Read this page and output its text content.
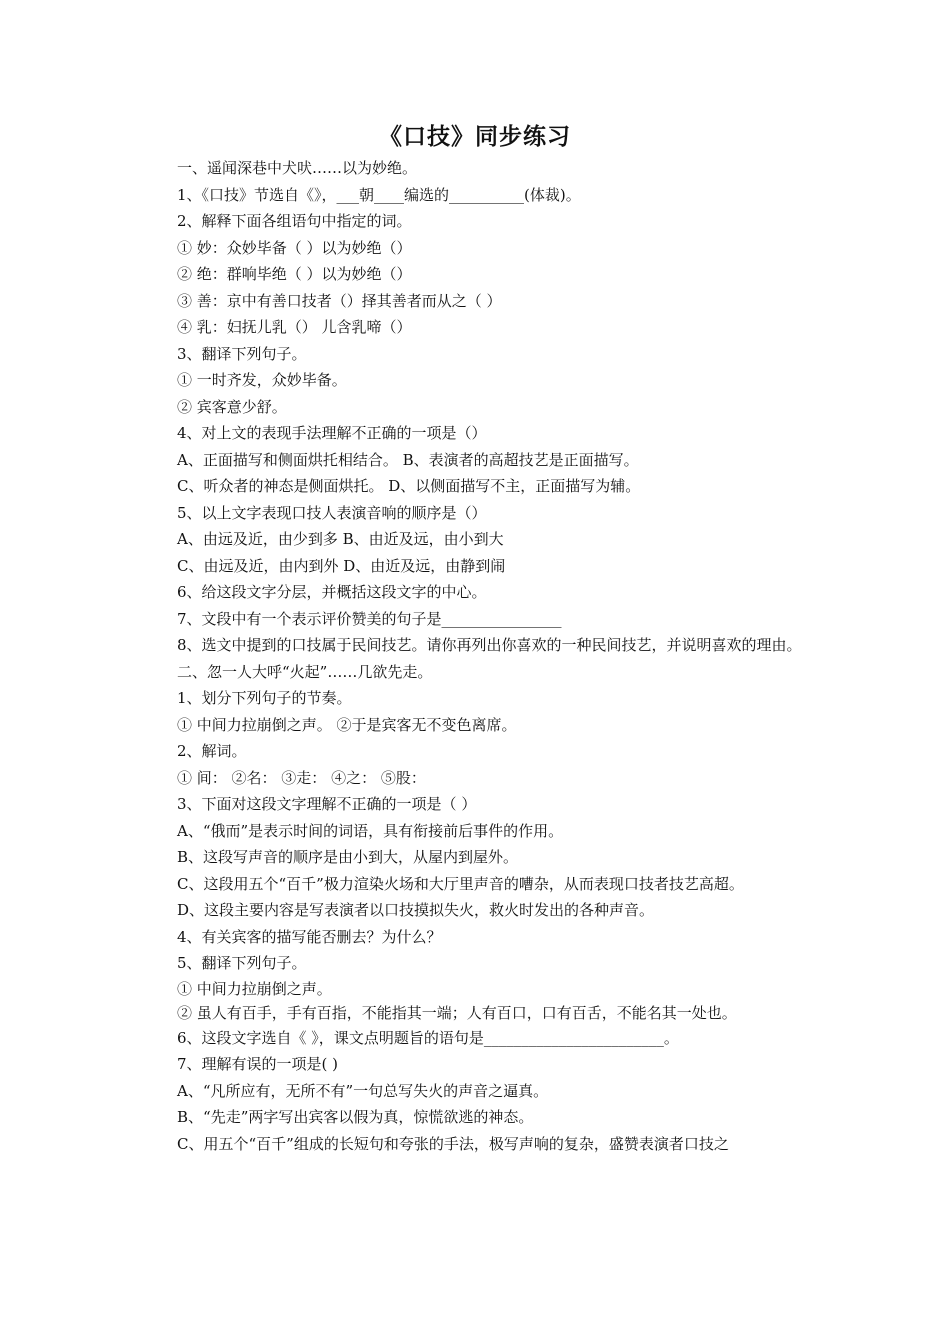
《口技》同步练习
一、遥闻深巷中犬吠……以为妙绝。
1、《口技》节选自《》，___朝____编选的__________(体裁)。
2、解释下面各组语句中指定的词。
① 妙：众妙毕备（ ）以为妙绝（）
② 绝：群响毕绝（ ）以为妙绝（）
③ 善：京中有善口技者（）择其善者而从之（ ）
④ 乳：妇抚儿乳（） 儿含乳啼（）
3、翻译下列句子。
① 一时齐发，众妙毕备。
② 宾客意少舒。
4、对上文的表现手法理解不正确的一项是（）
A、正面描写和侧面烘托相结合。 B、表演者的高超技艺是正面描写。
C、听众者的神态是侧面烘托。 D、以侧面描写不主，正面描写为辅。
5、以上文字表现口技人表演音响的顺序是（）
A、由远及近，由少到多 B、由近及远，由小到大
C、由远及近，由内到外 D、由近及远，由静到闹
6、给这段文字分层，并概括这段文字的中心。
7、文段中有一个表示评价赞美的句子是________________
8、选文中提到的口技属于民间技艺。请你再列出你喜欢的一种民间技艺，并说明喜欢的理由。
二、忽一人大呼“火起”……几欲先走。
1、划分下列句子的节奏。
① 中间力拉崩倒之声。 ②于是宾客无不变色离席。
2、解词。
① 间： ②名： ③走： ④之： ⑤股：
3、下面对这段文字理解不正确的一项是（ ）
A、“俄而”是表示时间的词语，具有衔接前后事件的作用。
B、这段写声音的顺序是由小到大，从屋内到屋外。
C、这段用五个“百千”极力渲染火场和大厅里声音的嘈杂，从而表现口技者技艺高超。
D、这段主要内容是写表演者以口技摸拟失火，救火时发出的各种声音。
4、有关宾客的描写能否删去？为什么？
5、翻译下列句子。
① 中间力拉崩倒之声。
② 虽人有百手，手有百指，不能指其一端；人有百口，口有百舌，不能名其一处也。
6、这段文字选自《 》，课文点明题旨的语句是________________________。
7、理解有误的一项是( )
A、“凡所应有，无所不有”一句总写失火的声音之逼真。
B、“先走”两字写出宾客以假为真，惊慌欲逃的神态。
C、用五个“百千”组成的长短句和夸张的手法，极写声响的复杂，盛赞表演者口技之
